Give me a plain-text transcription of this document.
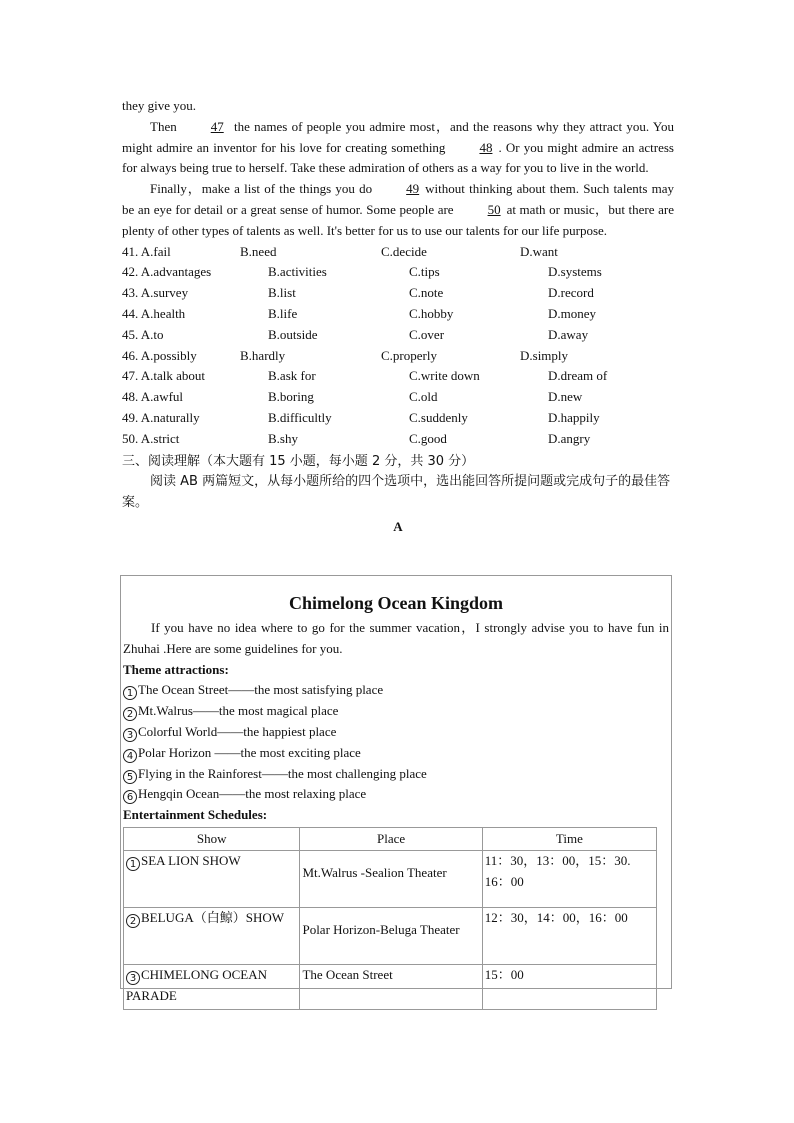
they give you.

Then	47 the names of people you admire most，and the reasons why they attract you. You might admire an inventor for his love for creating something	48 . Or you might admire an actress for always being true to herself. Take these admiration of others as a way for you to live in the world.

Finally，make a list of the things you do	49 without thinking about them. Such talents may be an eye for detail or a great sense of humor. Some people are	50 at math or music，but there are plenty of other types of talents as well. It's better for us to use our talents for our life purpose.

41. A.fail	B.need	C.decide	D.want
42. A.advantages	B.activities	C.tips	D.systems
43. A.survey	B.list	C.note	D.record
44. A.health	B.life	C.hobby	D.money
45. A.to	B.outside	C.over	D.away
46. A.possibly	B.hardly	C.properly	D.simply
47. A.talk about	B.ask for	C.write down	D.dream of
48. A.awful	B.boring	C.old	D.new
49. A.naturally	B.difficultly	C.suddenly	D.happily
50. A.strict	B.shy	C.good	D.angry
三、阅读理解（本大题有 15 小题，每小题 2 分，共 30 分）
阅读 AB 两篇短文，从每小题所给的四个选项中，选出能回答所提问题或完成句子的最佳答案。
A
Chimelong Ocean Kingdom
If you have no idea where to go for the summer vacation，I strongly advise you to have fun in Zhuhai .Here are some guidelines for you.
Theme attractions:
1 The Ocean Street——the most satisfying place
2 Mt.Walrus——the most magical place
3 Colorful World——the happiest place
4 Polar Horizon ——the most exciting place
5 Flying in the Rainforest——the most challenging place
6 Hengqin Ocean——the most relaxing place
Entertainment Schedules:
Show	Place	Time
1 SEA LION SHOW	Mt.Walrus -Sealion Theater	11：30，13：00，15：30. 16：00
2 BELUGA（白鲸）SHOW	Polar Horizon-Beluga Theater	12：30，14：00，16：00
3 CHIMELONG OCEAN PARADE	The Ocean Street	15：00
